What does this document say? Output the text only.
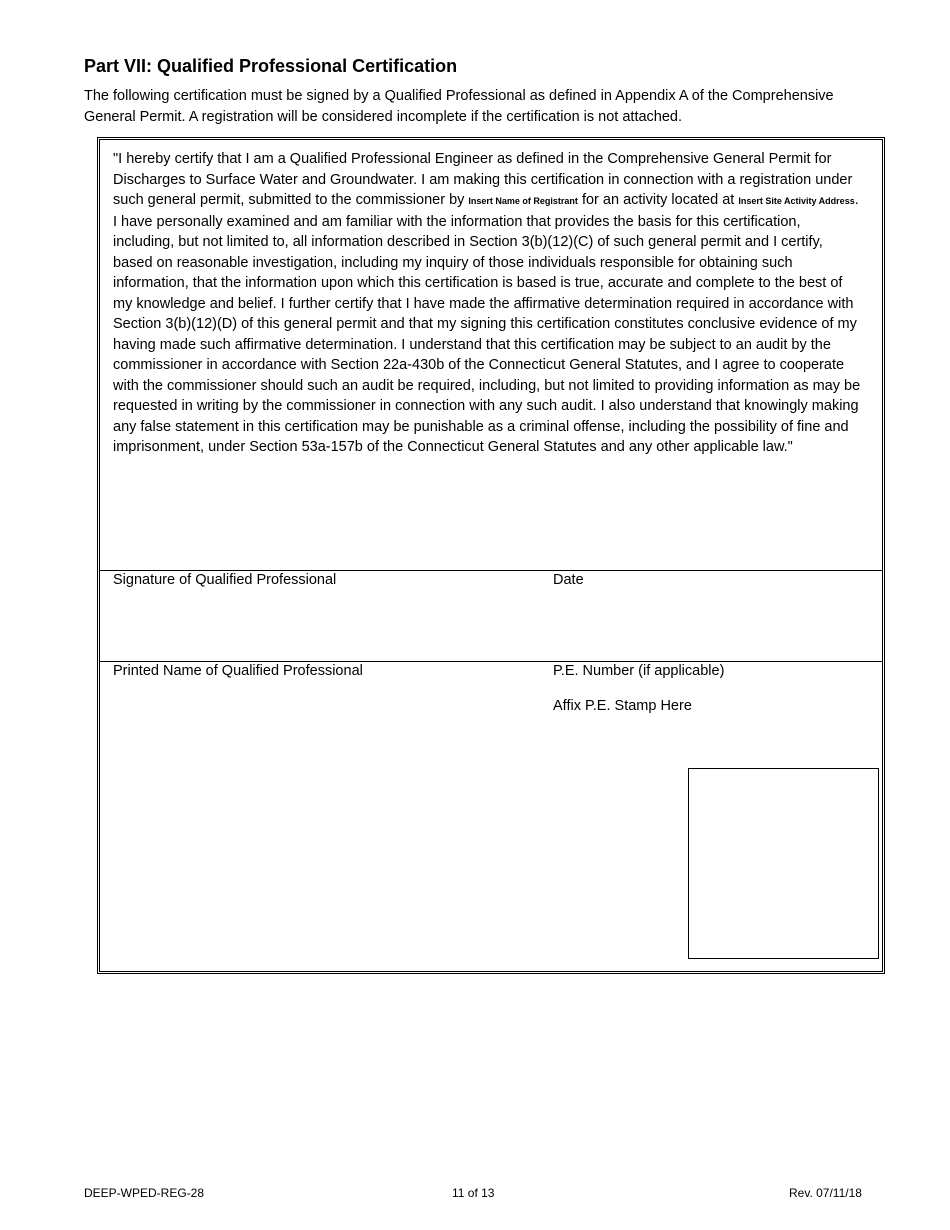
Part VII: Qualified Professional Certification

The following certification must be signed by a Qualified Professional as defined in Appendix A of the Comprehensive General Permit. A registration will be considered incomplete if the certification is not attached.

"I hereby certify that I am a Qualified Professional Engineer as defined in the Comprehensive General Permit for Discharges to Surface Water and Groundwater. I am making this certification in connection with a registration under such general permit, submitted to the commissioner by Insert Name of Registrant for an activity located at Insert Site Activity Address. I have personally examined and am familiar with the information that provides the basis for this certification, including, but not limited to, all information described in Section 3(b)(12)(C) of such general permit and I certify, based on reasonable investigation, including my inquiry of those individuals responsible for obtaining such information, that the information upon which this certification is based is true, accurate and complete to the best of my knowledge and belief. I further certify that I have made the affirmative determination required in accordance with Section 3(b)(12)(D) of this general permit and that my signing this certification constitutes conclusive evidence of my having made such affirmative determination. I understand that this certification may be subject to an audit by the commissioner in accordance with Section 22a-430b of the Connecticut General Statutes, and I agree to cooperate with the commissioner should such an audit be required, including, but not limited to providing information as may be requested in writing by the commissioner in connection with any such audit. I also understand that knowingly making any false statement in this certification may be punishable as a criminal offense, including the possibility of fine and imprisonment, under Section 53a-157b of the Connecticut General Statutes and any other applicable law."

Signature of Qualified Professional	Date
Printed Name of Qualified Professional	P.E. Number (if applicable)
Affix P.E. Stamp Here
DEEP-WPED-REG-28	11 of 13	Rev. 07/11/18
